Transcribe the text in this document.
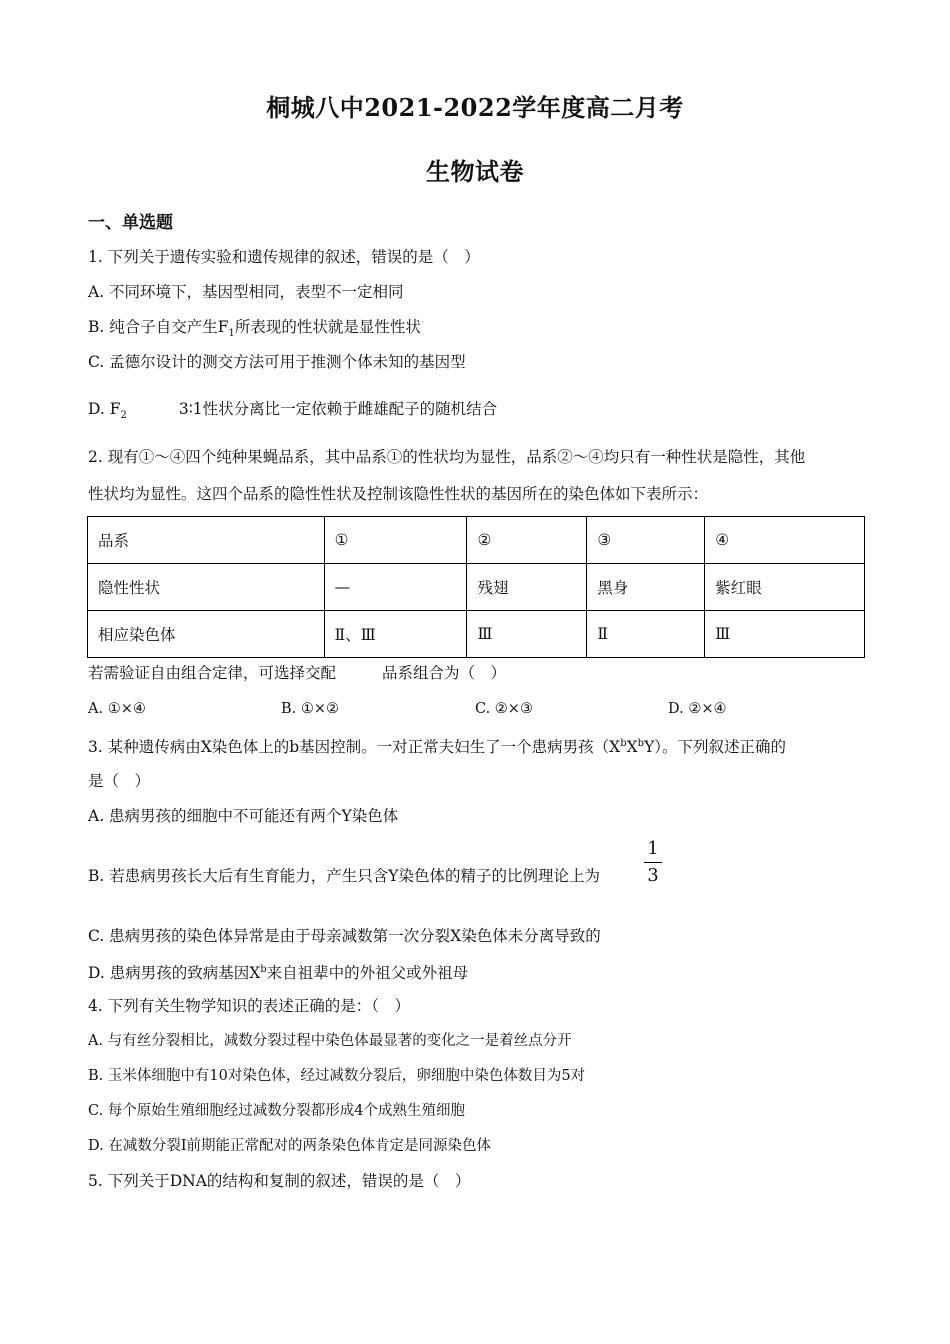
桐城八中2021-2022学年度高二月考
生物试卷
一、单选题
1. 下列关于遗传实验和遗传规律的叙述，错误的是（　）
A. 不同环境下，基因型相同，表型不一定相同
B. 纯合子自交产生$F_1$所表现的性状就是显性性状
C. 孟德尔设计的测交方法可用于推测个体未知的基因型
D. $F_2$	3∶1性状分离比一定依赖于雌雄配子的随机结合
2. 现有①～④四个纯种果蝇品系，其中品系①的性状均为显性，品系②～④均只有一种性状是隐性，其他
性状均为显性。这四个品系的隐性性状及控制该隐性性状的基因所在的染色体如下表所示：
品系	①	②	③	④
隐性性状	—	残翅	黑身	紫红眼
相应染色体	Ⅱ、Ⅲ	Ⅲ	Ⅱ	Ⅲ
若需验证自由组合定律，可选择交配	品系组合为（　）
A. ①×④	B. ①×②	C. ②×③	D. ②×④
3. 某种遗传病由X染色体上的b基因控制。一对正常夫妇生了一个患病男孩$(X^bX^bY)$。下列叙述正确的
是（　）
A. 患病男孩的细胞中不可能还有两个Y染色体
B. 若患病男孩长大后有生育能力，产生只含Y染色体的精子的比例理论上为
1
3
C. 患病男孩的染色体异常是由于母亲减数第一次分裂X染色体未分离导致的
D. 患病男孩的致病基因$X^b$来自祖辈中的外祖父或外祖母
4. 下列有关生物学知识的表述正确的是：（　）
A. 与有丝分裂相比，减数分裂过程中染色体最显著的变化之一是着丝点分开
B. 玉米体细胞中有10对染色体，经过减数分裂后，卵细胞中染色体数目为5对
C. 每个原始生殖细胞经过减数分裂都形成4个成熟生殖细胞
D. 在减数分裂Ⅰ前期能正常配对的两条染色体肯定是同源染色体
5. 下列关于DNA的结构和复制的叙述，错误的是（　）
